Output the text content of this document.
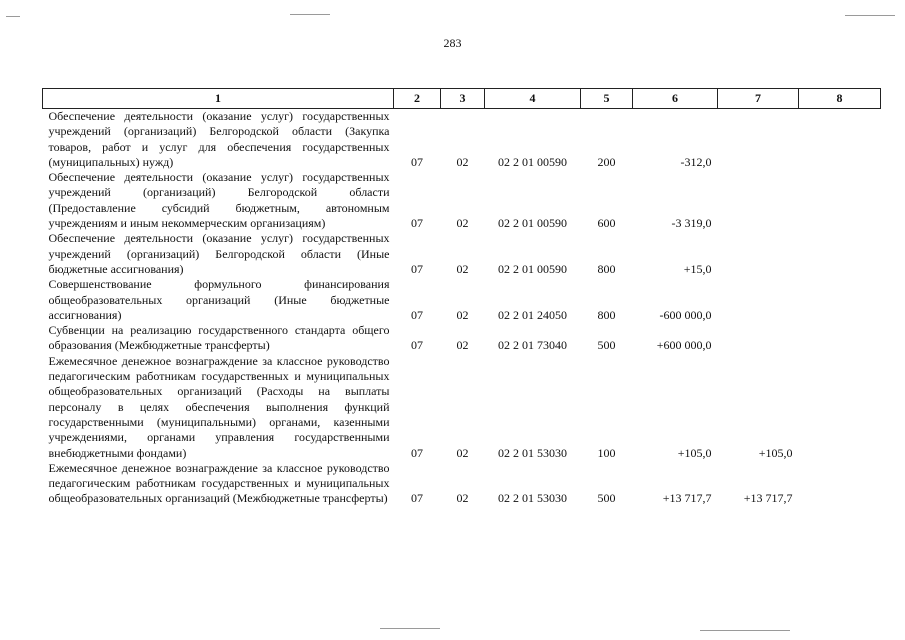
283
1	2	3	4	5	6	7	8
Обеспечение деятельности (оказание услуг) государственных учреждений (организаций) Белгородской области (Закупка товаров, работ и услуг для обеспечения государственных (муниципальных) нужд)	07	02	02 2 01 00590	200	-312,0		
Обеспечение деятельности (оказание услуг) государственных учреждений (организаций) Белгородской области (Предоставление субсидий бюджетным, автономным учреждениям и иным некоммерческим организациям)	07	02	02 2 01 00590	600	-3 319,0		
Обеспечение деятельности (оказание услуг) государственных учреждений (организаций) Белгородской области (Иные бюджетные ассигнования)	07	02	02 2 01 00590	800	+15,0		
Совершенствование формульного финансирования общеобразовательных организаций (Иные бюджетные ассигнования)	07	02	02 2 01 24050	800	-600 000,0		
Субвенции на реализацию государственного стандарта общего образования (Межбюджетные трансферты)	07	02	02 2 01 73040	500	+600 000,0		
Ежемесячное денежное вознаграждение за классное руководство педагогическим работникам государственных и муниципальных общеобразовательных организаций (Расходы на выплаты персоналу в целях обеспечения выполнения функций государственными (муниципальными) органами, казенными учреждениями, органами управления государственными внебюджетными фондами)	07	02	02 2 01 53030	100	+105,0	+105,0	
Ежемесячное денежное вознаграждение за классное руководство педагогическим работникам государственных и муниципальных общеобразовательных организаций (Межбюджетные трансферты)	07	02	02 2 01 53030	500	+13 717,7	+13 717,7	
